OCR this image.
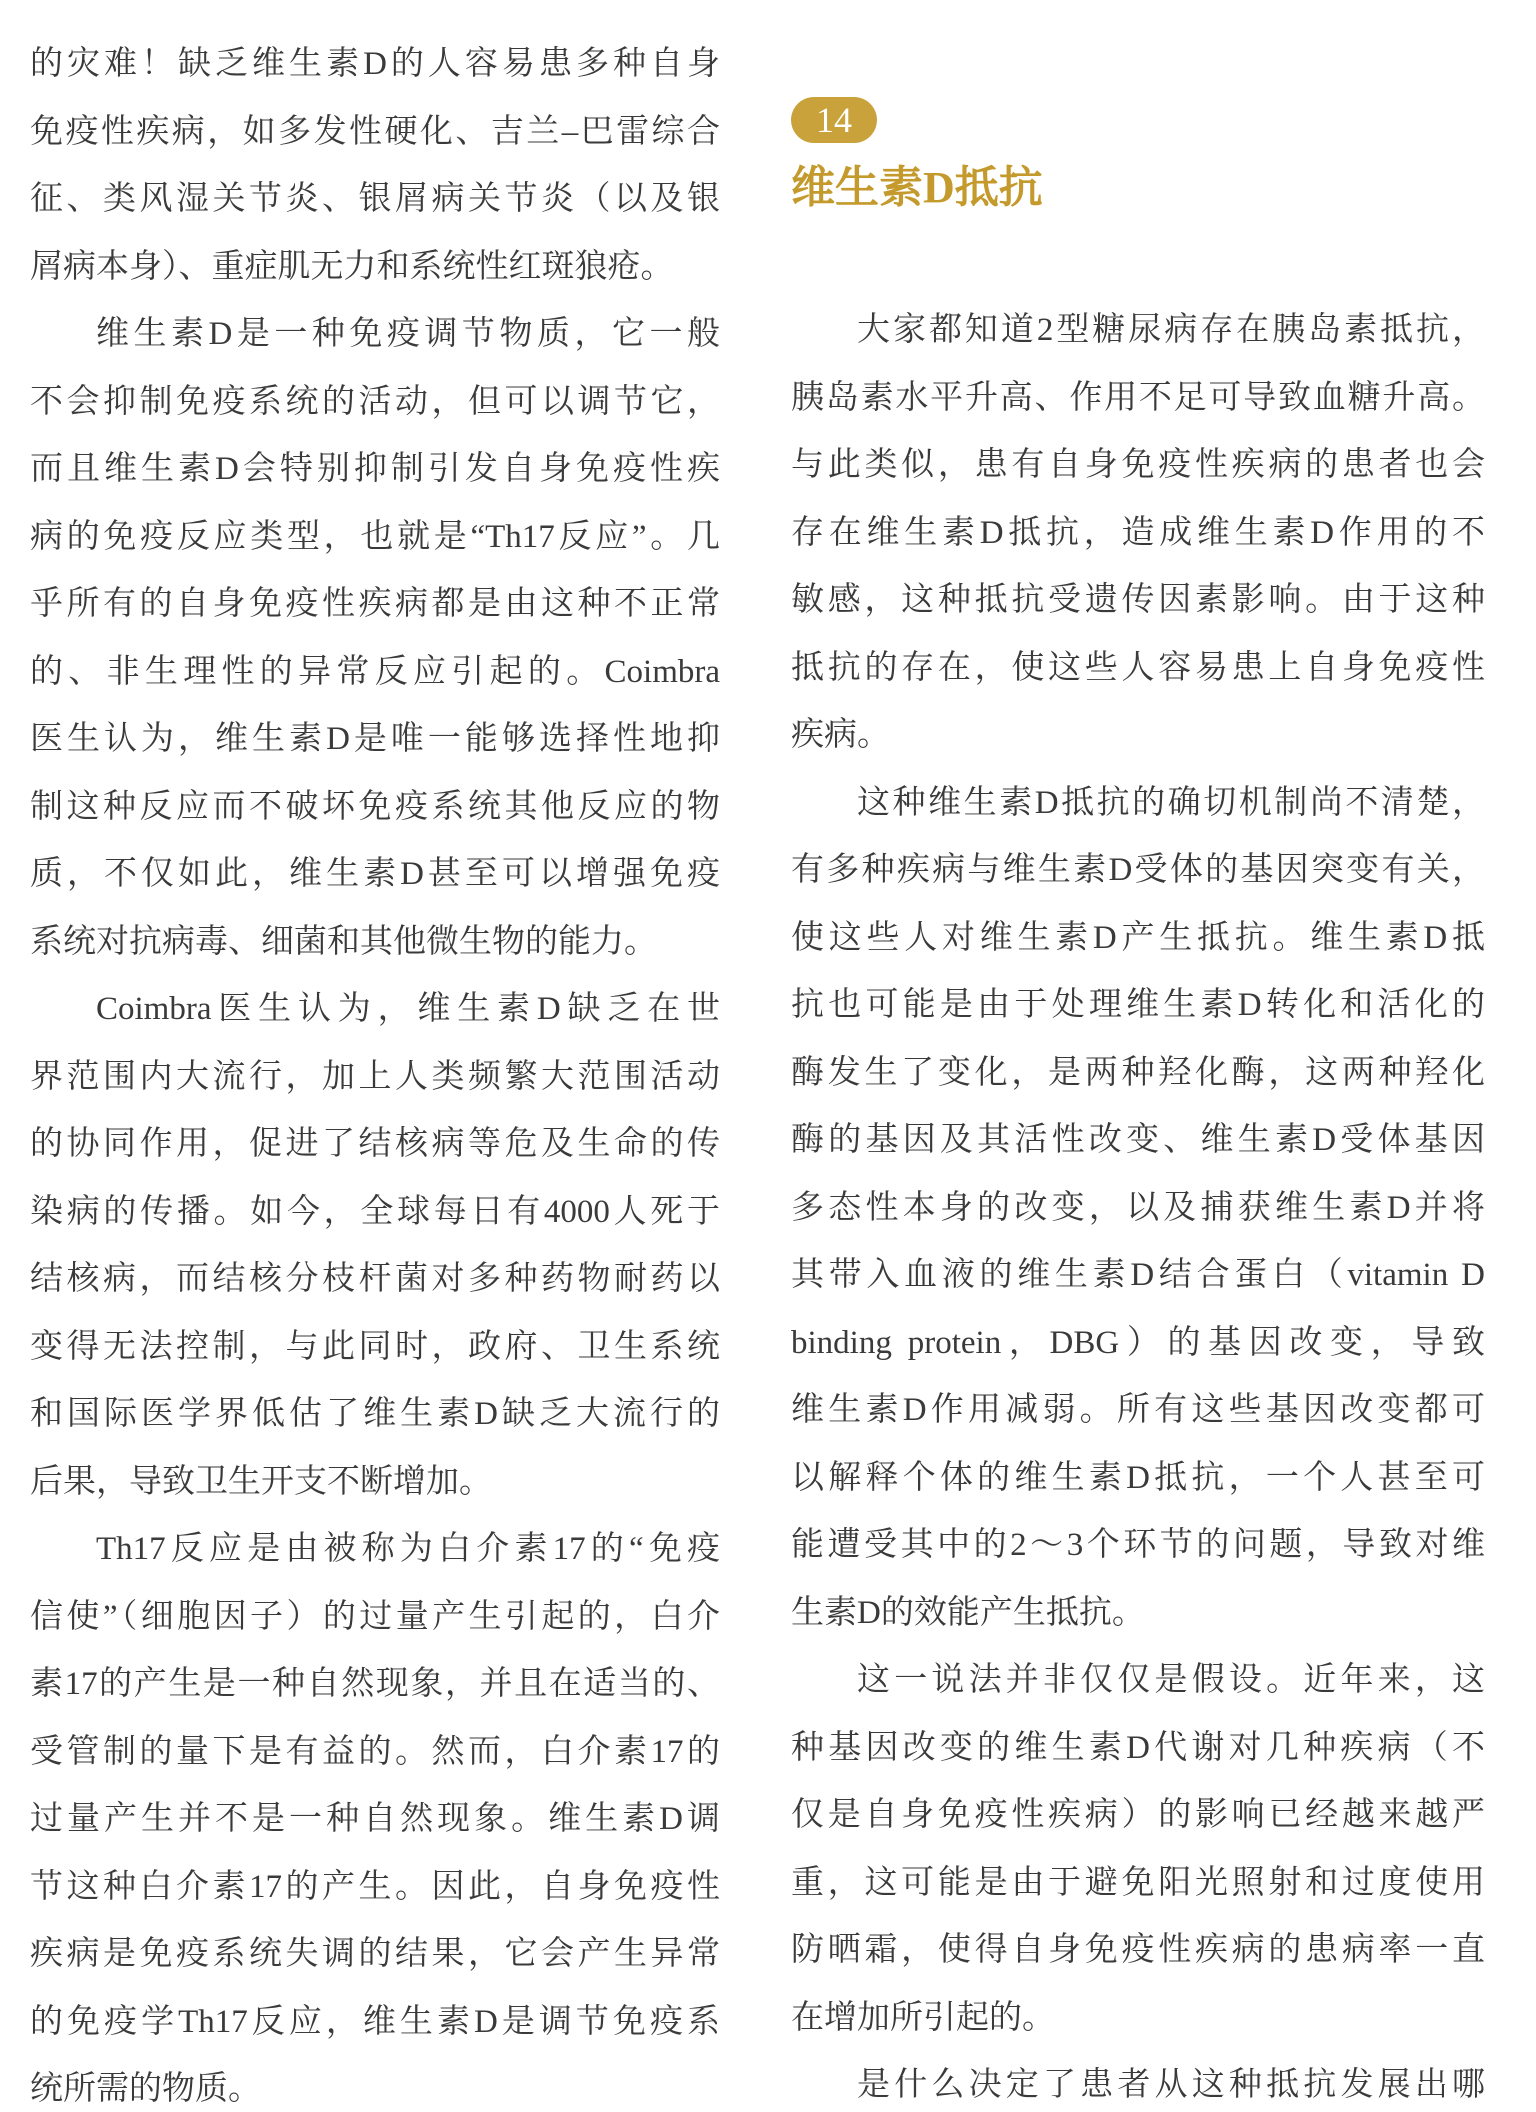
的灾难！缺乏维生素D的人容易患多种自身
免疫性疾病，如多发性硬化、吉兰–巴雷综合
征、类风湿关节炎、银屑病关节炎（以及银
屑病本身）、重症肌无力和系统性红斑狼疮。
维生素D是一种免疫调节物质，它一般
不会抑制免疫系统的活动，但可以调节它，
而且维生素D会特别抑制引发自身免疫性疾
病的免疫反应类型，也就是“Th17反应”。几
乎所有的自身免疫性疾病都是由这种不正常
的、非生理性的异常反应引起的。Coimbra
医生认为，维生素D是唯一能够选择性地抑
制这种反应而不破坏免疫系统其他反应的物
质，不仅如此，维生素D甚至可以增强免疫
系统对抗病毒、细菌和其他微生物的能力。
Coimbra医生认为，维生素D缺乏在世
界范围内大流行，加上人类频繁大范围活动
的协同作用，促进了结核病等危及生命的传
染病的传播。如今，全球每日有4000人死于
结核病，而结核分枝杆菌对多种药物耐药以
变得无法控制，与此同时，政府、卫生系统
和国际医学界低估了维生素D缺乏大流行的
后果，导致卫生开支不断增加。
Th17反应是由被称为白介素17的“免疫
信使”（细胞因子）的过量产生引起的，白介
素17的产生是一种自然现象，并且在适当的、
受管制的量下是有益的。然而，白介素17的
过量产生并不是一种自然现象。维生素D调
节这种白介素17的产生。因此，自身免疫性
疾病是免疫系统失调的结果，它会产生异常
的免疫学Th17反应，维生素D是调节免疫系
统所需的物质。
14
维生素D抵抗
大家都知道2型糖尿病存在胰岛素抵抗，
胰岛素水平升高、作用不足可导致血糖升高。
与此类似，患有自身免疫性疾病的患者也会
存在维生素D抵抗，造成维生素D作用的不
敏感，这种抵抗受遗传因素影响。由于这种
抵抗的存在，使这些人容易患上自身免疫性
疾病。
这种维生素D抵抗的确切机制尚不清楚，
有多种疾病与维生素D受体的基因突变有关，
使这些人对维生素D产生抵抗。维生素D抵
抗也可能是由于处理维生素D转化和活化的
酶发生了变化，是两种羟化酶，这两种羟化
酶的基因及其活性改变、维生素D受体基因
多态性本身的改变，以及捕获维生素D并将
其带入血液的维生素D结合蛋白（vitamin D
binding protein，DBG）的基因改变，导致
维生素D作用减弱。所有这些基因改变都可
以解释个体的维生素D抵抗，一个人甚至可
能遭受其中的2～3个环节的问题，导致对维
生素D的效能产生抵抗。
这一说法并非仅仅是假设。近年来，这
种基因改变的维生素D代谢对几种疾病（不
仅是自身免疫性疾病）的影响已经越来越严
重，这可能是由于避免阳光照射和过度使用
防晒霜，使得自身免疫性疾病的患病率一直
在增加所引起的。
是什么决定了患者从这种抵抗发展出哪
